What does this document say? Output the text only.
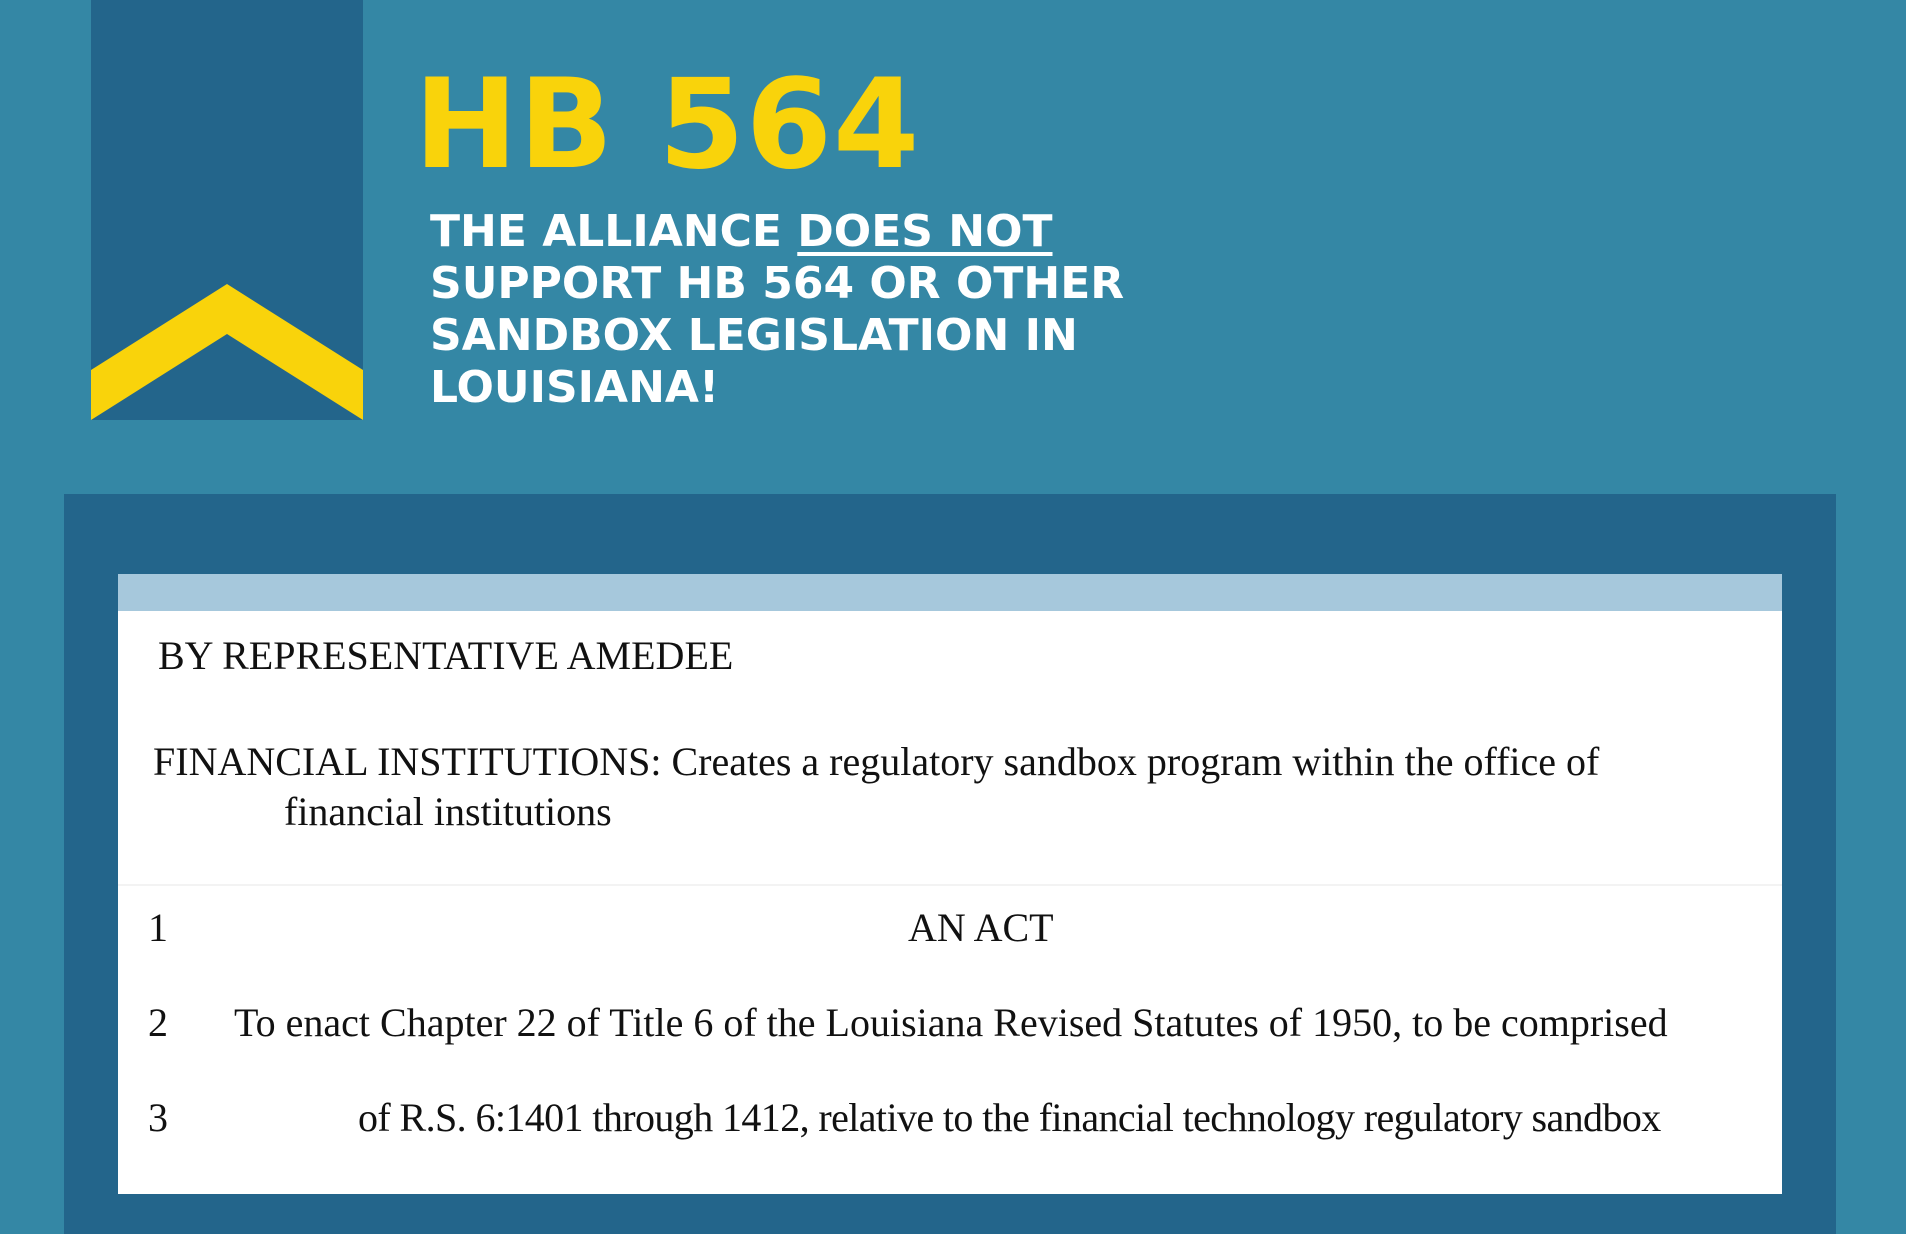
HB 564

THE ALLIANCE DOES NOT
SUPPORT HB 564 OR OTHER
SANDBOX LEGISLATION IN
LOUISIANA!

BY REPRESENTATIVE AMEDEE
FINANCIAL INSTITUTIONS: Creates a regulatory sandbox program within the office of
financial institutions
1	AN ACT
2 To enact Chapter 22 of Title 6 of the Louisiana Revised Statutes of 1950, to be comprised
3	of R.S. 6:1401 through 1412, relative to the financial technology regulatory sandbox
